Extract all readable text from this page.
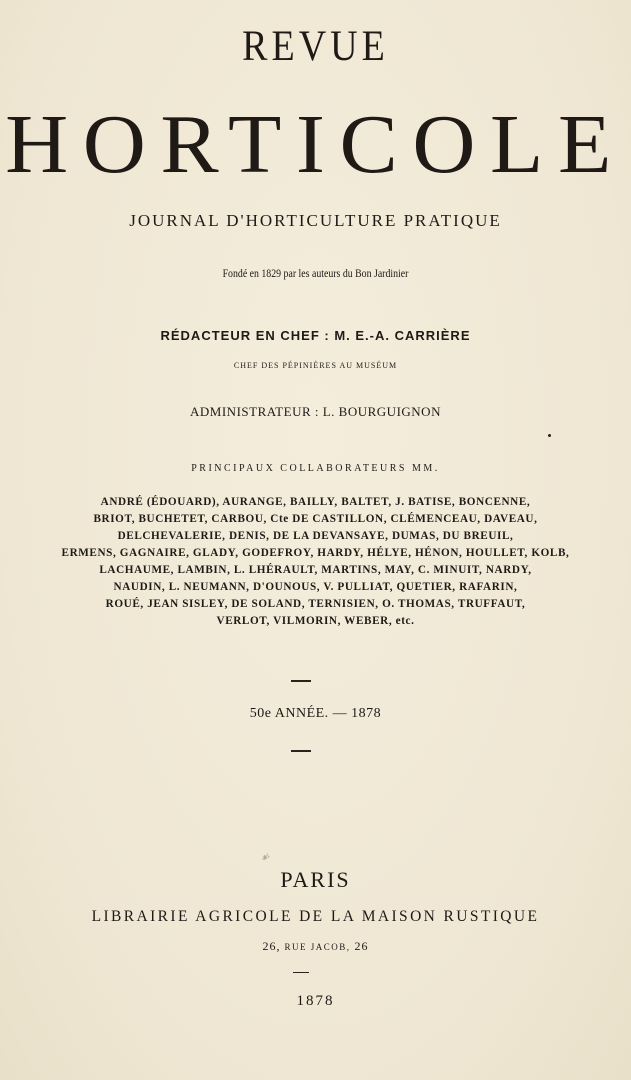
REVUE
HORTICOLE
JOURNAL D'HORTICULTURE PRATIQUE
Fondé en 1829 par les auteurs du Bon Jardinier
RÉDACTEUR EN CHEF : M. E.-A. CARRIÈRE
CHEF DES PÉPINIÈRES AU MUSÉUM
ADMINISTRATEUR : L. BOURGUIGNON
PRINCIPAUX COLLABORATEURS MM.
ANDRÉ (ÉDOUARD), AURANGE, BAILLY, BALTET, J. BATISE, BONCENNE,
BRIOT, BUCHETET, CARBOU, Cte DE CASTILLON, CLÉMENCEAU, DAVEAU,
DELCHEVALERIE, DENIS, DE LA DEVANSAYE, DUMAS, DU BREUIL,
ERMENS, GAGNAIRE, GLADY, GODEFROY, HARDY, HÉLYE, HÉNON, HOULLET, KOLB,
LACHAUME, LAMBIN, L. LHÉRAULT, MARTINS, MAY, C. MINUIT, NARDY,
NAUDIN, L. NEUMANN, D'OUNOUS, V. PULLIAT, QUETIER, RAFARIN,
ROUÉ, JEAN SISLEY, DE SOLAND, TERNISIEN, O. THOMAS, TRUFFAUT,
VERLOT, VILMORIN, WEBER, etc.
50e ANNÉE. — 1878
☙
PARIS
LIBRAIRIE AGRICOLE DE LA MAISON RUSTIQUE
26, RUE JACOB, 26
1878
